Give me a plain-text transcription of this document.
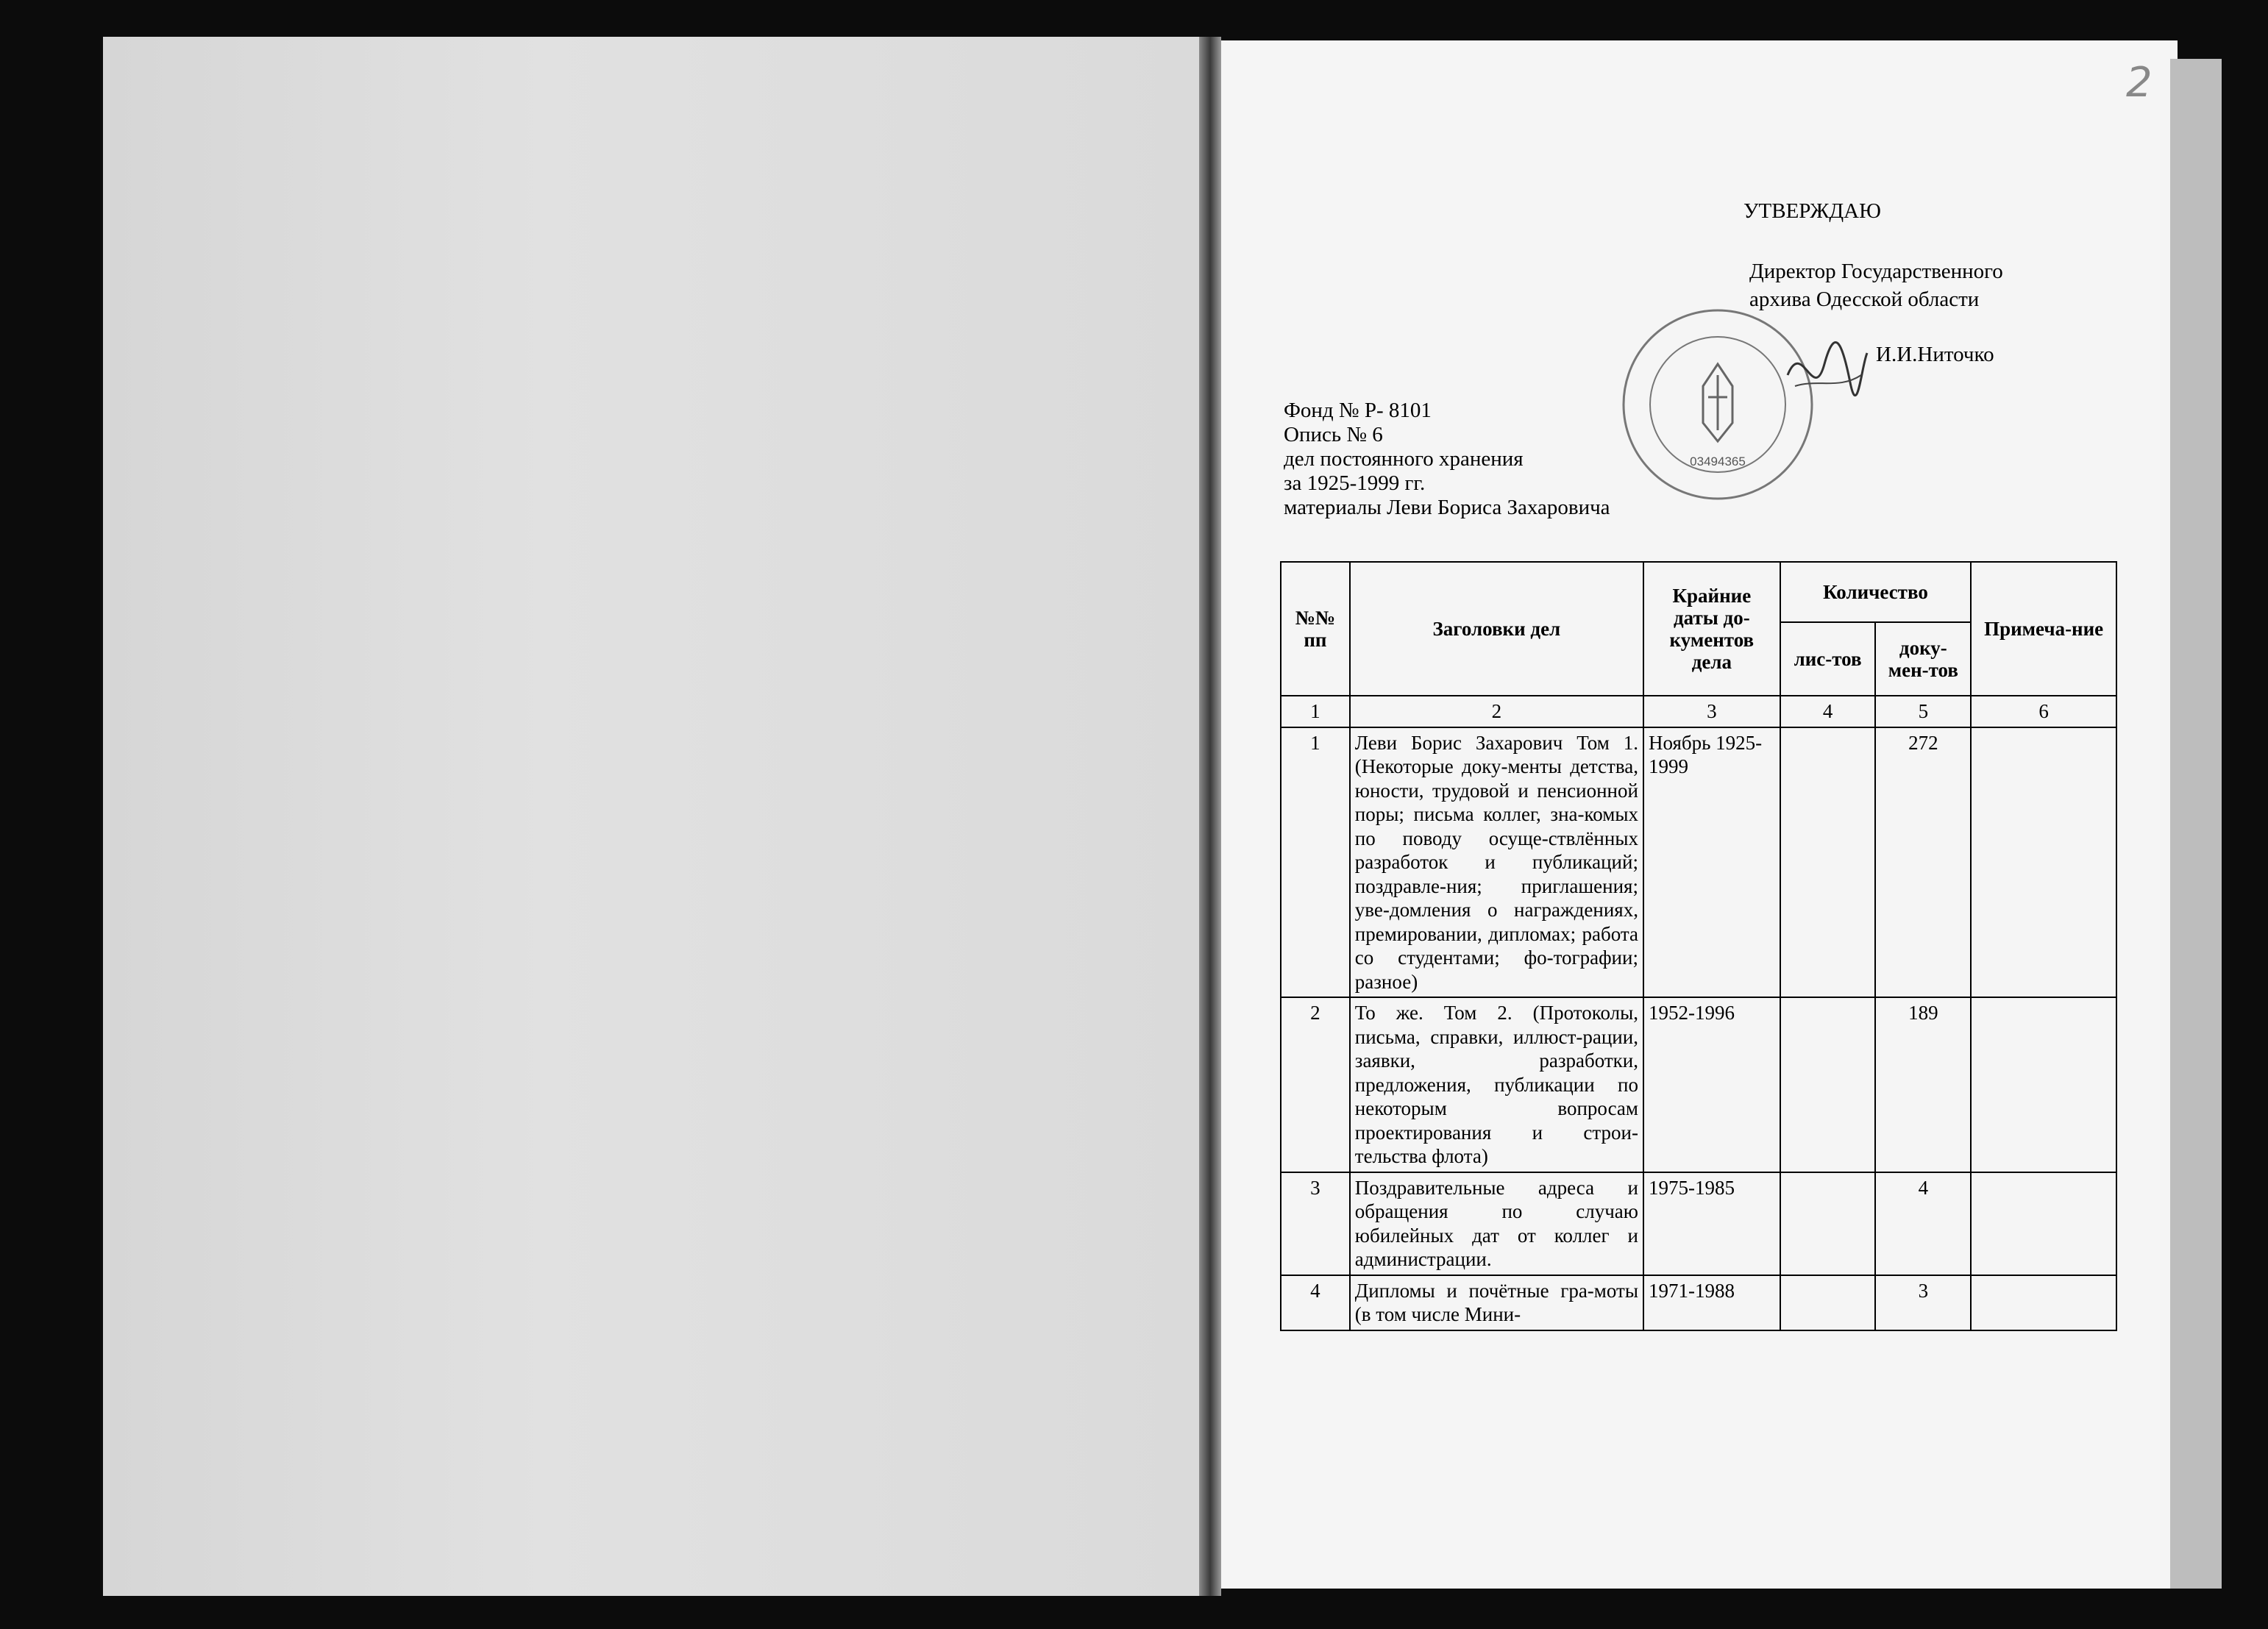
2
УТВЕРЖДАЮ
Директор Государственного
архива Одесской области
И.И.Ниточко
03494365
Фонд № Р- 8101
Опись № 6
дел постоянного хранения
за 1925-1999 гг.
материалы Леви Бориса Захаровича
№№ пп	Заголовки дел	Крайние даты до-кументов дела	Количество		Примеча-ние
			лис-тов	доку-мен-тов	
1	2	3	4	5	6
1	Леви Борис Захарович Том 1. (Некоторые доку-менты детства, юности, трудовой и пенсионной поры; письма коллег, зна-комых по поводу осуще-ствлённых разработок и публикаций; поздравле-ния; приглашения; уве-домления о награждениях, премировании, дипломах; работа со студентами; фо-тографии; разное)	Ноябрь 1925-1999		272	
2	То же. Том 2. (Протоколы, письма, справки, иллюст-рации, заявки, разработки, предложения, публикации по некоторым вопросам проектирования и строи-тельства флота)	1952-1996		189	
3	Поздравительные адреса и обращения по случаю юбилейных дат от коллег и администрации.	1975-1985		4	
4	Дипломы и почётные гра-моты (в том числе Мини-	1971-1988		3	
